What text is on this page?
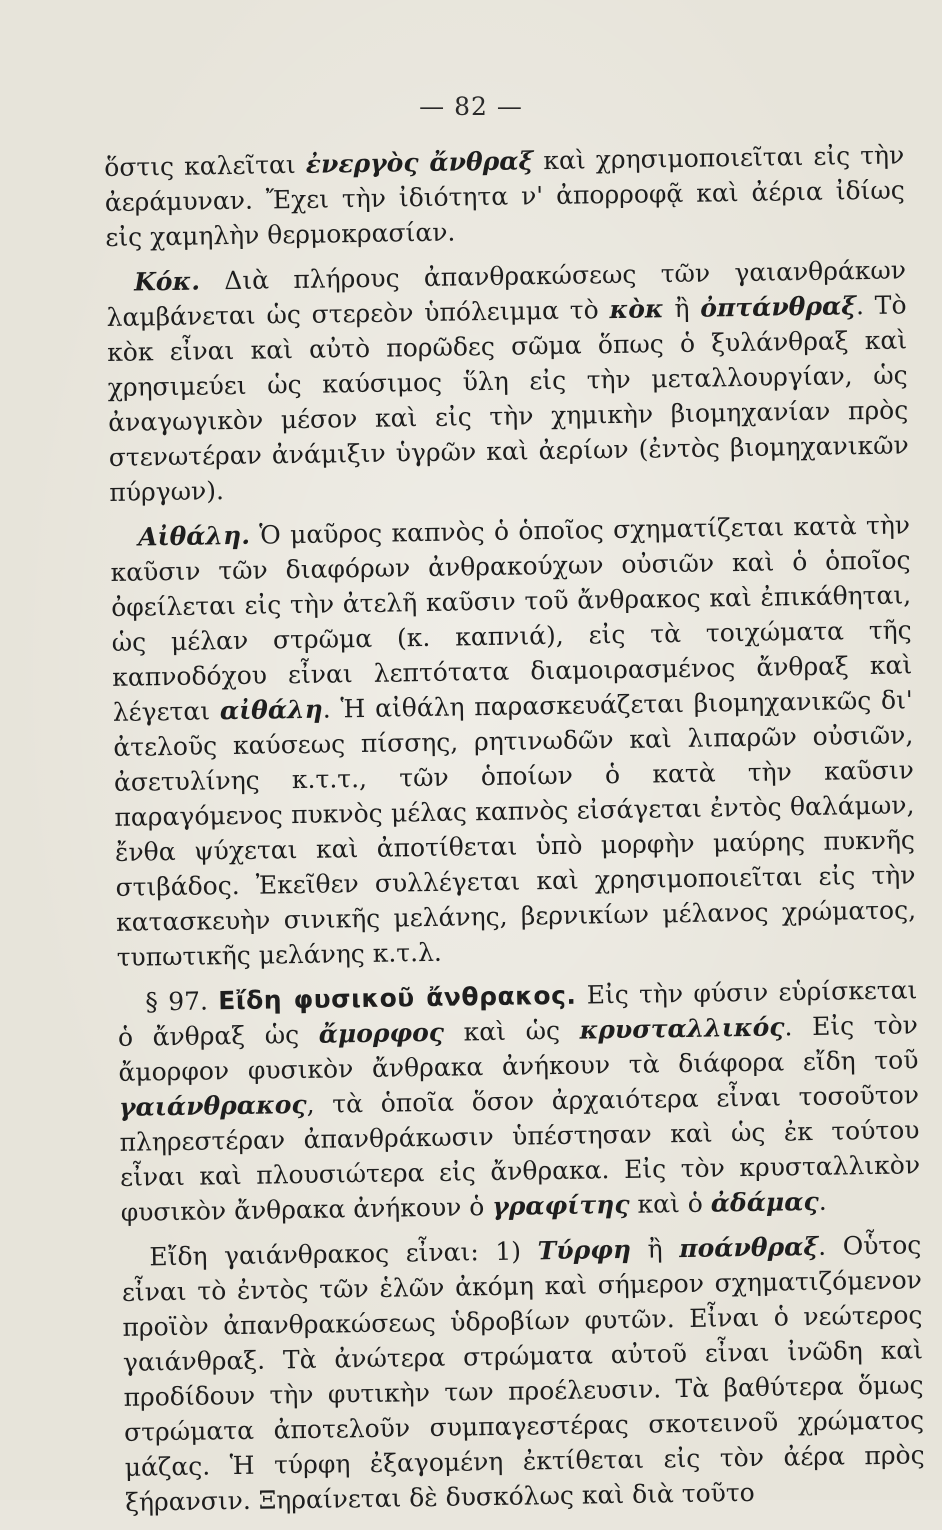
— 82 —

ὅστις καλεῖται ἐνεργὸς ἄνθραξ καὶ χρησιμοποιεῖται εἰς τὴν ἀεράμυναν. Ἔχει τὴν ἰδιότητα ν' ἀπορροφᾷ καὶ ἀέρια ἰδίως εἰς χαμηλὴν θερμοκρασίαν.

Κόκ. Διὰ πλήρους ἀπανθρακώσεως τῶν γαιανθράκων λαμβάνεται ὡς στερεὸν ὑπόλειμμα τὸ κὸκ ἢ ὀπτάνθραξ. Τὸ κὸκ εἶναι καὶ αὐτὸ πορῶδες σῶμα ὅπως ὁ ξυλάνθραξ καὶ χρησιμεύει ὡς καύσιμος ὕλη εἰς τὴν μεταλλουργίαν, ὡς ἀναγωγικὸν μέσον καὶ εἰς τὴν χημικὴν βιομηχανίαν πρὸς στενωτέραν ἀνάμιξιν ὑγρῶν καὶ ἀερίων (ἐντὸς βιομηχανικῶν πύργων).

Αἰθάλη. Ὁ μαῦρος καπνὸς ὁ ὁποῖος σχηματίζεται κατὰ τὴν καῦσιν τῶν διαφόρων ἀνθρακούχων οὐσιῶν καὶ ὁ ὁποῖος ὀφείλεται εἰς τὴν ἀτελῆ καῦσιν τοῦ ἄνθρακος καὶ ἐπικάθηται, ὡς μέλαν στρῶμα (κ. καπνιά), εἰς τὰ τοιχώματα τῆς καπνοδόχου εἶναι λεπτότατα διαμοιρασμένος ἄνθραξ καὶ λέγεται αἰθάλη. Ἡ αἰθάλη παρασκευάζεται βιομηχανικῶς δι' ἀτελοῦς καύσεως πίσσης, ρητινωδῶν καὶ λιπαρῶν οὐσιῶν, ἀσετυλίνης κ.τ.τ., τῶν ὁποίων ὁ κατὰ τὴν καῦσιν παραγόμενος πυκνὸς μέλας καπνὸς εἰσάγεται ἐντὸς θαλάμων, ἔνθα ψύχεται καὶ ἀποτίθεται ὑπὸ μορφὴν μαύρης πυκνῆς στιβάδος. Ἐκεῖθεν συλλέγεται καὶ χρησιμοποιεῖται εἰς τὴν κατασκευὴν σινικῆς μελάνης, βερνικίων μέλανος χρώματος, τυπωτικῆς μελάνης κ.τ.λ.

§ 97. Εἴδη φυσικοῦ ἄνθρακος. Εἰς τὴν φύσιν εὑρίσκεται ὁ ἄνθραξ ὡς ἄμορφος καὶ ὡς κρυσταλλικός. Εἰς τὸν ἄμορφον φυσικὸν ἄνθρακα ἀνήκουν τὰ διάφορα εἴδη τοῦ γαιάνθρακος, τὰ ὁποῖα ὅσον ἀρχαιότερα εἶναι τοσοῦτον πληρεστέραν ἀπανθράκωσιν ὑπέστησαν καὶ ὡς ἐκ τούτου εἶναι καὶ πλουσιώτερα εἰς ἄνθρακα. Εἰς τὸν κρυσταλλικὸν φυσικὸν ἄνθρακα ἀνήκουν ὁ γραφίτης καὶ ὁ ἀδάμας.

Εἴδη γαιάνθρακος εἶναι: 1) Τύρφη ἢ ποάνθραξ. Οὗτος εἶναι τὸ ἐντὸς τῶν ἑλῶν ἀκόμη καὶ σήμερον σχηματιζόμενον προϊὸν ἀπανθρακώσεως ὑδροβίων φυτῶν. Εἶναι ὁ νεώτερος γαιάνθραξ. Τὰ ἀνώτερα στρώματα αὐτοῦ εἶναι ἰνῶδη καὶ προδίδουν τὴν φυτικὴν των προέλευσιν. Τὰ βαθύτερα ὅμως στρώματα ἀποτελοῦν συμπαγεστέρας σκοτεινοῦ χρώματος μάζας. Ἡ τύρφη ἐξαγομένη ἐκτίθεται εἰς τὸν ἀέρα πρὸς ξήρανσιν. Ξηραίνεται δὲ δυσκόλως καὶ διὰ τοῦτο
